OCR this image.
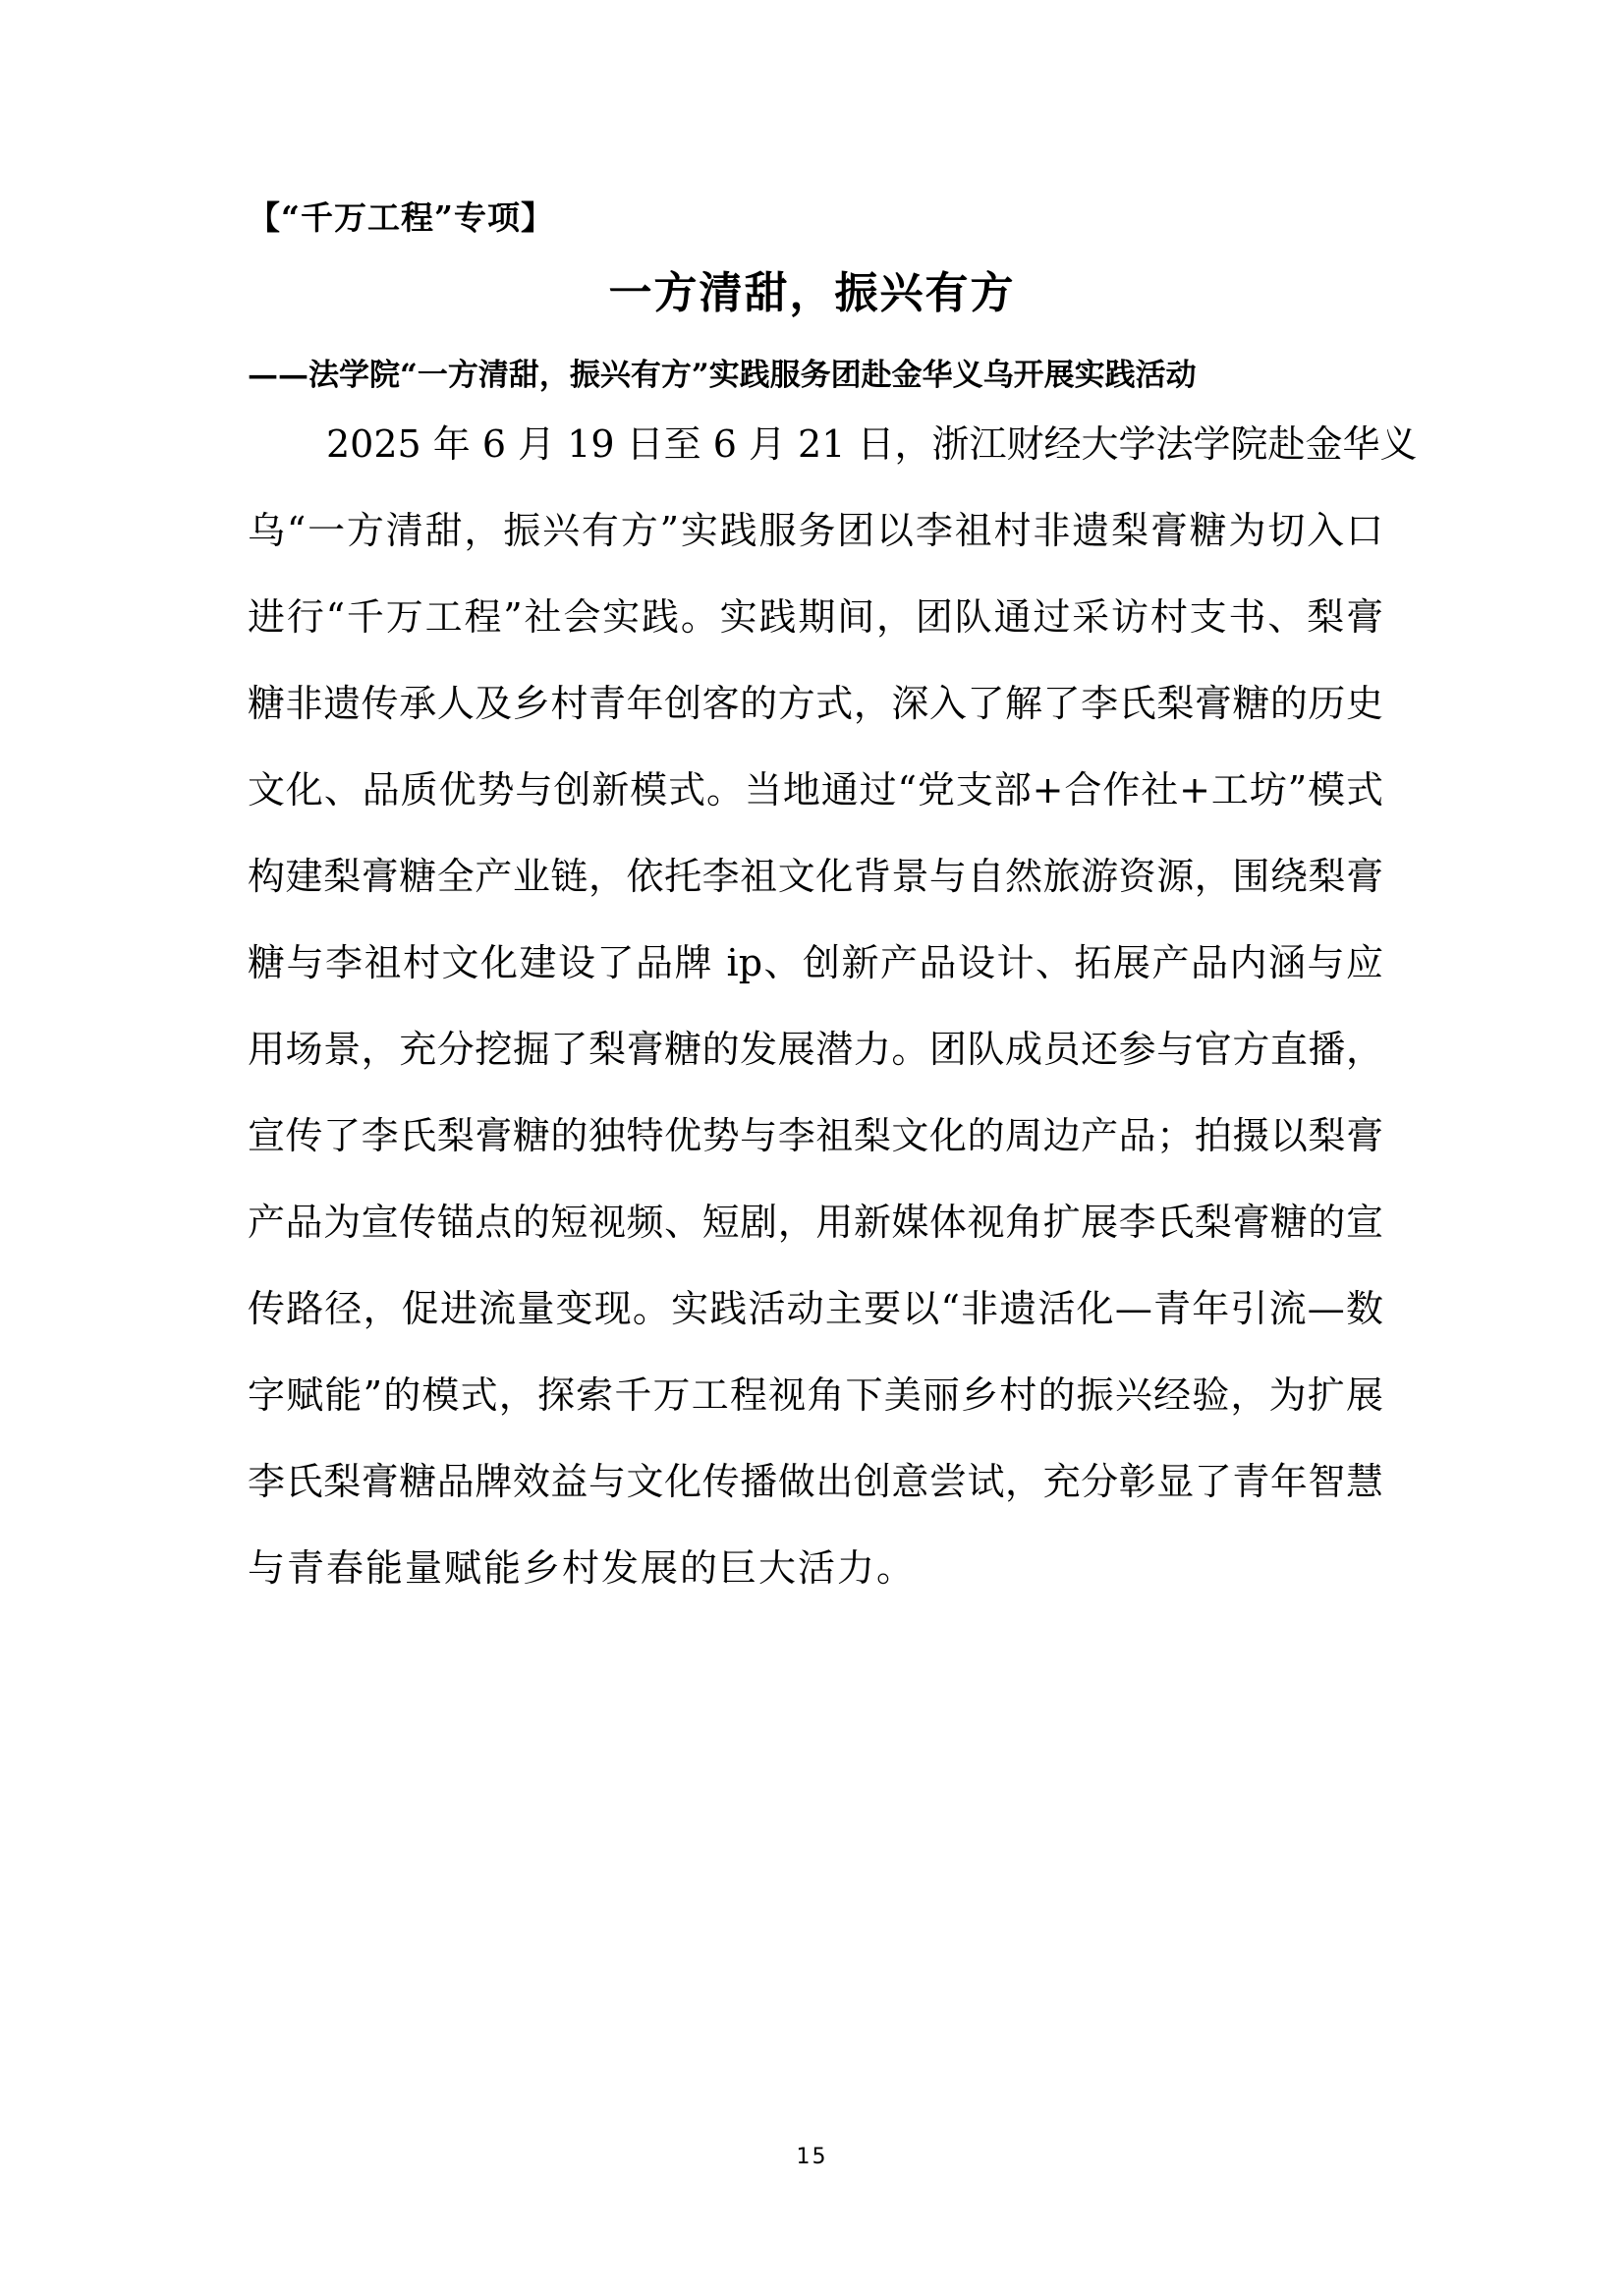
【“千万工程”专项】
一方清甜，振兴有方
——法学院“一方清甜，振兴有方”实践服务团赴金华义乌开展实践活动
2025 年 6 月 19 日至 6 月 21 日，浙江财经大学法学院赴金华义
乌“一方清甜，振兴有方”实践服务团以李祖村非遗梨膏糖为切入口
进行“千万工程”社会实践。实践期间，团队通过采访村支书、梨膏
糖非遗传承人及乡村青年创客的方式，深入了解了李氏梨膏糖的历史
文化、品质优势与创新模式。当地通过“党支部+合作社+工坊”模式
构建梨膏糖全产业链，依托李祖文化背景与自然旅游资源，围绕梨膏
糖与李祖村文化建设了品牌 ip、创新产品设计、拓展产品内涵与应
用场景，充分挖掘了梨膏糖的发展潜力。团队成员还参与官方直播，
宣传了李氏梨膏糖的独特优势与李祖梨文化的周边产品；拍摄以梨膏
产品为宣传锚点的短视频、短剧，用新媒体视角扩展李氏梨膏糖的宣
传路径，促进流量变现。实践活动主要以“非遗活化—青年引流—数
字赋能”的模式，探索千万工程视角下美丽乡村的振兴经验，为扩展
李氏梨膏糖品牌效益与文化传播做出创意尝试，充分彰显了青年智慧
与青春能量赋能乡村发展的巨大活力。
15
